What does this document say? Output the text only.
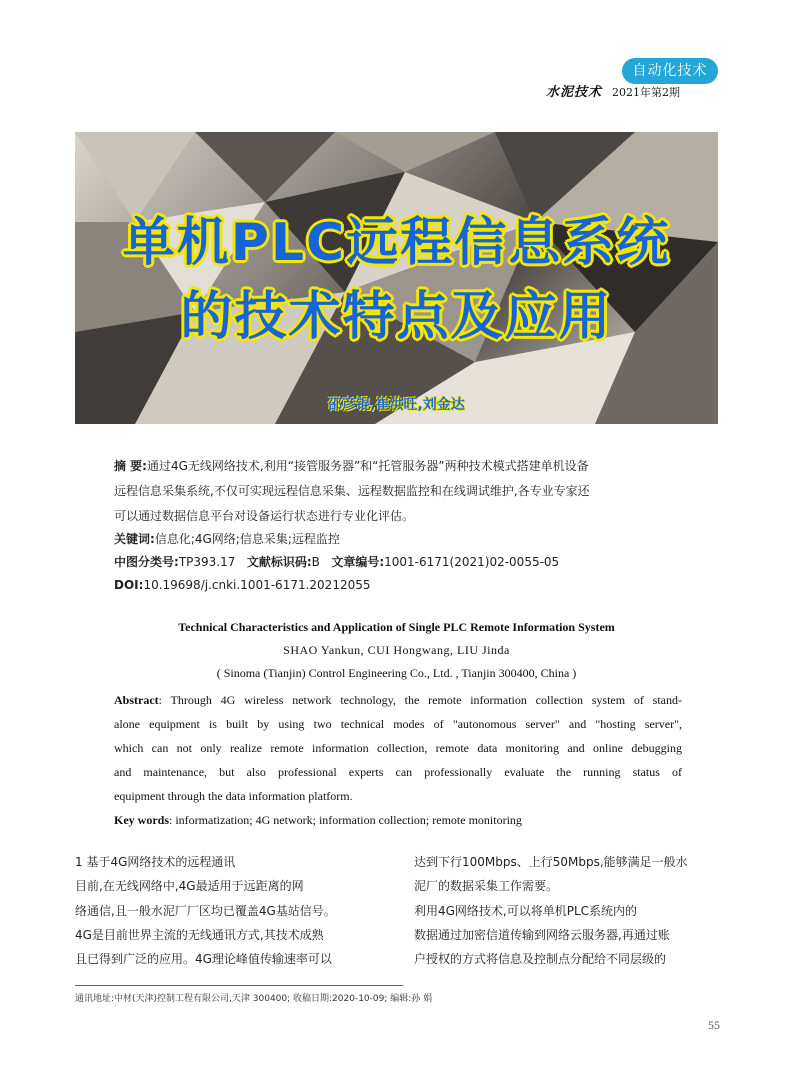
自动化技术
水泥技术 2021年第2期
单机PLC远程信息系统
的技术特点及应用
邵彦锟,崔洪旺,刘金达
摘 要:通过4G无线网络技术,利用“接管服务器”和“托管服务器”两种技术模式搭建单机设备
远程信息采集系统,不仅可实现远程信息采集、远程数据监控和在线调试维护,各专业专家还
可以通过数据信息平台对设备运行状态进行专业化评估。
关键词:信息化;4G网络;信息采集;远程监控
中图分类号:TP393.17 文献标识码:B 文章编号:1001-6171(2021)02-0055-05
DOI:10.19698/j.cnki.1001-6171.20212055
Technical Characteristics and Application of Single PLC Remote Information System
SHAO Yankun, CUI Hongwang, LIU Jinda
( Sinoma (Tianjin) Control Engineering Co., Ltd. , Tianjin 300400, China )
Abstract: Through 4G wireless network technology, the remote information collection system of stand-
alone equipment is built by using two technical modes of "autonomous server" and "hosting server",
which can not only realize remote information collection, remote data monitoring and online debugging
and maintenance, but also professional experts can professionally evaluate the running status of
equipment through the data information platform.
Key words: informatization; 4G network; information collection; remote monitoring
1 基于4G网络技术的远程通讯
目前,在无线网络中,4G最适用于远距离的网
络通信,且一般水泥厂厂区均已覆盖4G基站信号。
4G是目前世界主流的无线通讯方式,其技术成熟
且已得到广泛的应用。4G理论峰值传输速率可以
达到下行100Mbps、上行50Mbps,能够满足一般水
泥厂的数据采集工作需要。
利用4G网络技术,可以将单机PLC系统内的
数据通过加密信道传输到网络云服务器,再通过账
户授权的方式将信息及控制点分配给不同层级的
通讯地址:中材(天津)控制工程有限公司,天津 300400; 收稿日期:2020-10-09; 编辑:孙 娟
55
